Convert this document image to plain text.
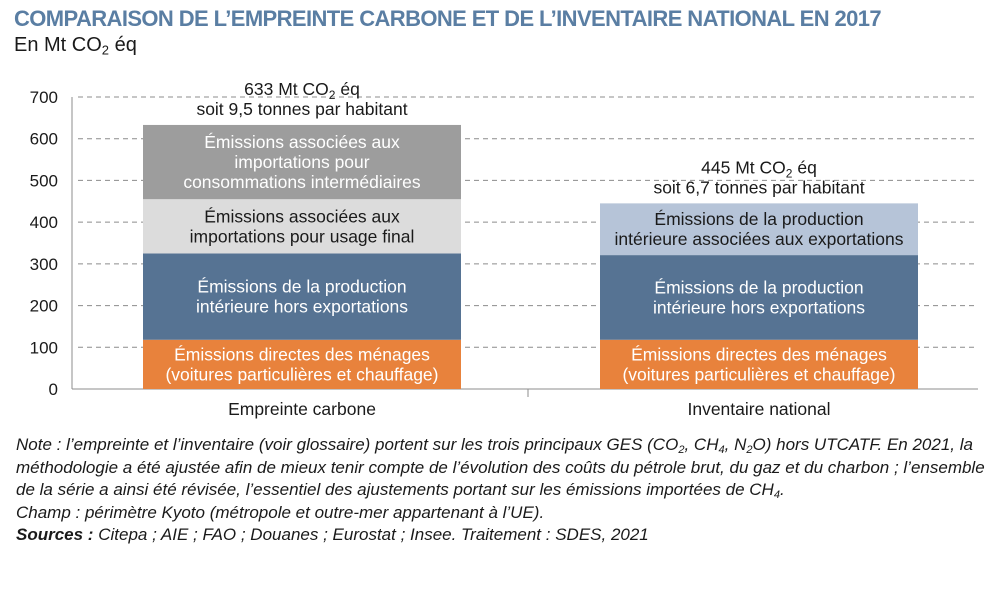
COMPARAISON DE L’EMPREINTE CARBONE ET DE L’INVENTAIRE NATIONAL EN 2017
En Mt $CO_2$ éq
0
100
200
300
400
500
600
700
Émissions directes des ménages
(voitures particulières et chauffage)
Émissions de la production
intérieure hors exportations
Émissions associées aux
importations pour usage final
Émissions associées aux
importations pour
consommations intermédiaires
633 Mt $CO_2$ éq
soit 9,5 tonnes par habitant
Empreinte carbone
Émissions directes des ménages
(voitures particulières et chauffage)
Émissions de la production
intérieure hors exportations
Émissions de la production
intérieure associées aux exportations
445 Mt $CO_2$ éq
soit 6,7 tonnes par habitant
Inventaire national

Note : l’empreinte et l’inventaire (voir glossaire) portent sur les trois principaux GES ($CO_2$, $CH_4$, $N_2O$) hors UTCATF. En 2021, la méthodologie a été ajustée afin de mieux tenir compte de l’évolution des coûts du pétrole brut, du gaz et du charbon ; l’ensemble de la série a ainsi été révisée, l’essentiel des ajustements portant sur les émissions importées de $CH_4$.

Champ : périmètre Kyoto (métropole et outre-mer appartenant à l’UE).

Sources : Citepa ; AIE ; FAO ; Douanes ; Eurostat ; Insee. Traitement : SDES, 2021
